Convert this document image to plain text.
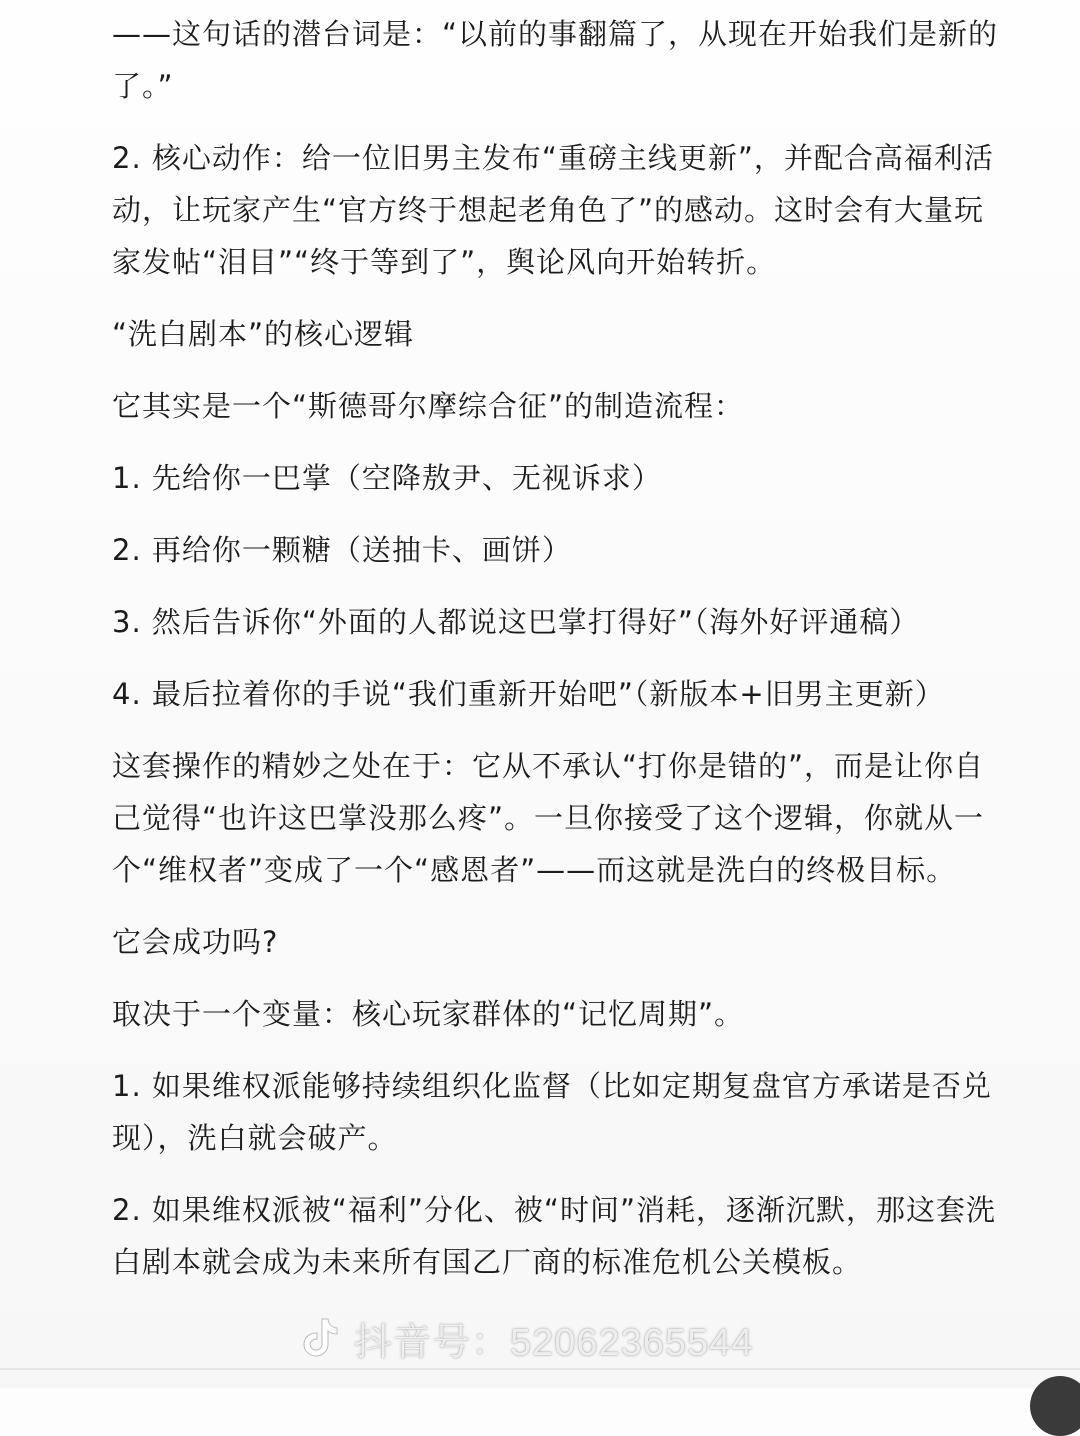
——这句话的潜台词是：“以前的事翻篇了，从现在开始我们是新的了。”

2. 核心动作：给一位旧男主发布“重磅主线更新”，并配合高福利活动，让玩家产生“官方终于想起老角色了”的感动。这时会有大量玩家发帖“泪目”“终于等到了”，舆论风向开始转折。

“洗白剧本”的核心逻辑

它其实是一个“斯德哥尔摩综合征”的制造流程：

1. 先给你一巴掌（空降敖尹、无视诉求）

2. 再给你一颗糖（送抽卡、画饼）

3. 然后告诉你“外面的人都说这巴掌打得好”（海外好评通稿）

4. 最后拉着你的手说“我们重新开始吧”（新版本+旧男主更新）

这套操作的精妙之处在于：它从不承认“打你是错的”，而是让你自己觉得“也许这巴掌没那么疼”。一旦你接受了这个逻辑，你就从一个“维权者”变成了一个“感恩者”——而这就是洗白的终极目标。

它会成功吗?

取决于一个变量：核心玩家群体的“记忆周期”。

1. 如果维权派能够持续组织化监督（比如定期复盘官方承诺是否兑现），洗白就会破产。

2. 如果维权派被“福利”分化、被“时间”消耗，逐渐沉默，那这套洗白剧本就会成为未来所有国乙厂商的标准危机公关模板。

抖音号：52062365544
